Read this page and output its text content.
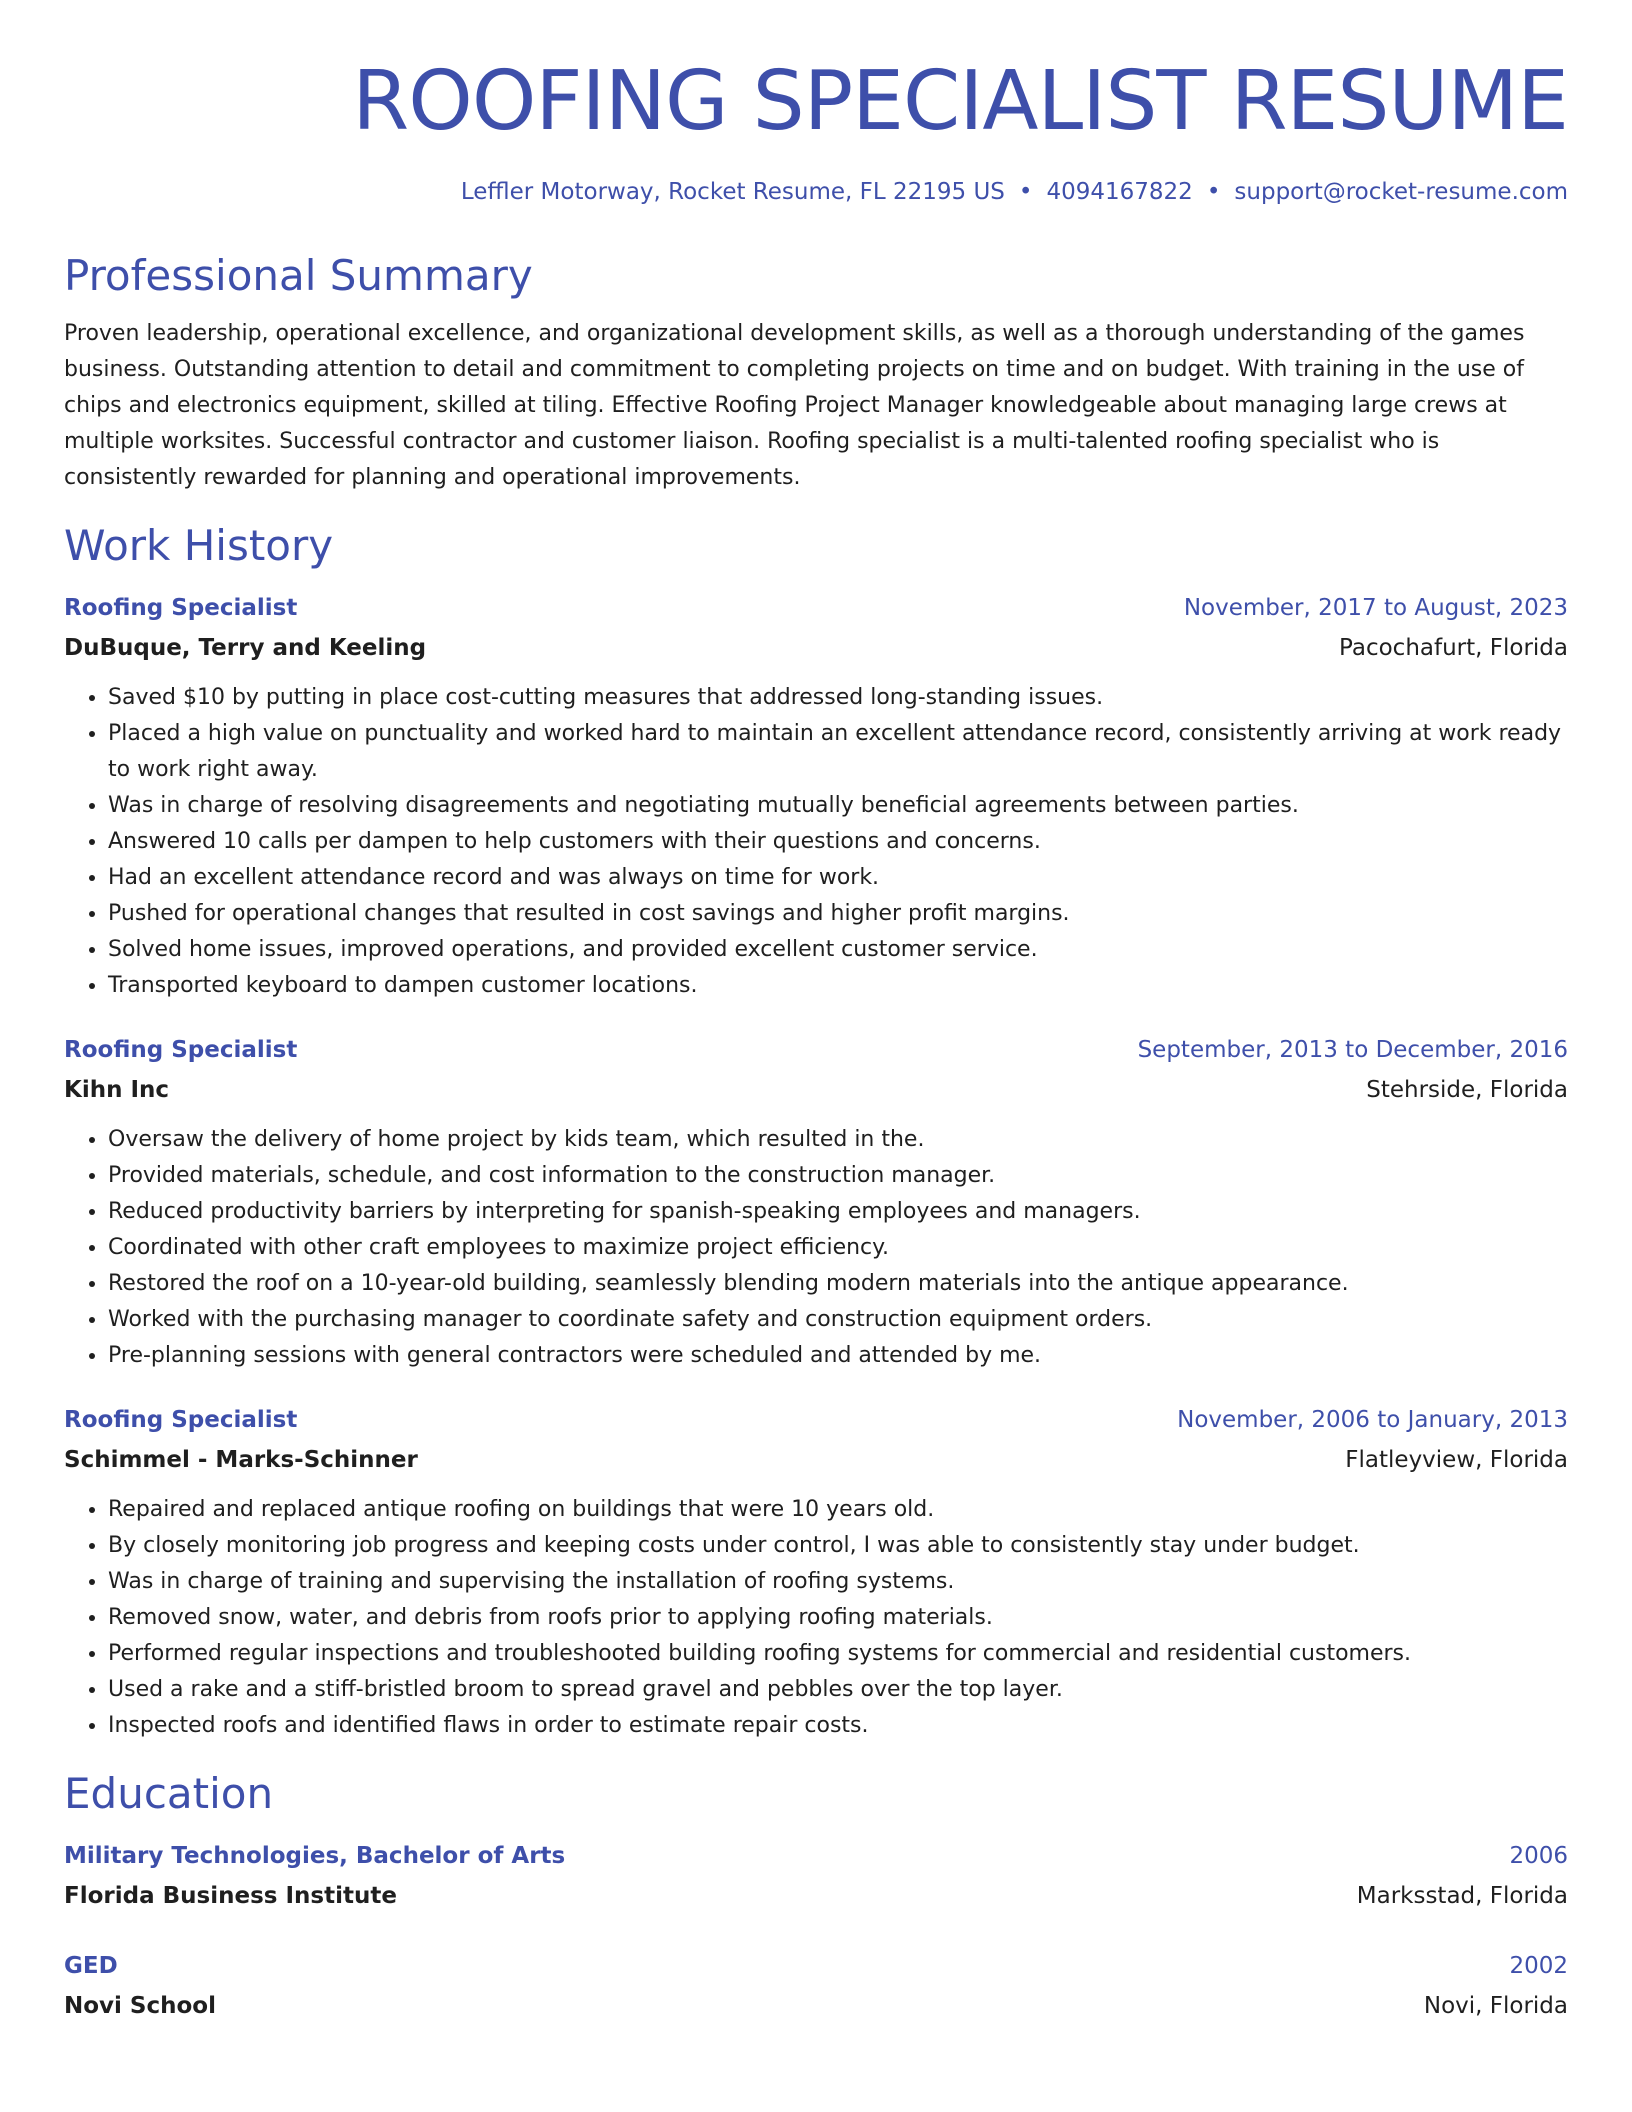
ROOFING SPECIALIST RESUME
Leffler Motorway, Rocket Resume, FL 22195 US • 4094167822 • support@rocket-resume.com
Professional Summary

Proven leadership, operational excellence, and organizational development skills, as well as a thorough understanding of the games business. Outstanding attention to detail and commitment to completing projects on time and on budget. With training in the use of chips and electronics equipment, skilled at tiling. Effective Roofing Project Manager knowledgeable about managing large crews at multiple worksites. Successful contractor and customer liaison. Roofing specialist is a multi-talented roofing specialist who is consistently rewarded for planning and operational improvements.

Work History
Roofing Specialist	November, 2017 to August, 2023
DuBuque, Terry and Keeling	Pacochafurt, Florida
• Saved $10 by putting in place cost-cutting measures that addressed long-standing issues.
• Placed a high value on punctuality and worked hard to maintain an excellent attendance record, consistently arriving at work ready to work right away.
• Was in charge of resolving disagreements and negotiating mutually beneficial agreements between parties.
• Answered 10 calls per dampen to help customers with their questions and concerns.
• Had an excellent attendance record and was always on time for work.
• Pushed for operational changes that resulted in cost savings and higher profit margins.
• Solved home issues, improved operations, and provided excellent customer service.
• Transported keyboard to dampen customer locations.
Roofing Specialist	September, 2013 to December, 2016
Kihn Inc	Stehrside, Florida
• Oversaw the delivery of home project by kids team, which resulted in the.
• Provided materials, schedule, and cost information to the construction manager.
• Reduced productivity barriers by interpreting for spanish-speaking employees and managers.
• Coordinated with other craft employees to maximize project efficiency.
• Restored the roof on a 10-year-old building, seamlessly blending modern materials into the antique appearance.
• Worked with the purchasing manager to coordinate safety and construction equipment orders.
• Pre-planning sessions with general contractors were scheduled and attended by me.
Roofing Specialist	November, 2006 to January, 2013
Schimmel - Marks-Schinner	Flatleyview, Florida
• Repaired and replaced antique roofing on buildings that were 10 years old.
• By closely monitoring job progress and keeping costs under control, I was able to consistently stay under budget.
• Was in charge of training and supervising the installation of roofing systems.
• Removed snow, water, and debris from roofs prior to applying roofing materials.
• Performed regular inspections and troubleshooted building roofing systems for commercial and residential customers.
• Used a rake and a stiff-bristled broom to spread gravel and pebbles over the top layer.
• Inspected roofs and identified flaws in order to estimate repair costs.
Education
Military Technologies, Bachelor of Arts	2006
Florida Business Institute	Marksstad, Florida
GED	2002
Novi School	Novi, Florida
